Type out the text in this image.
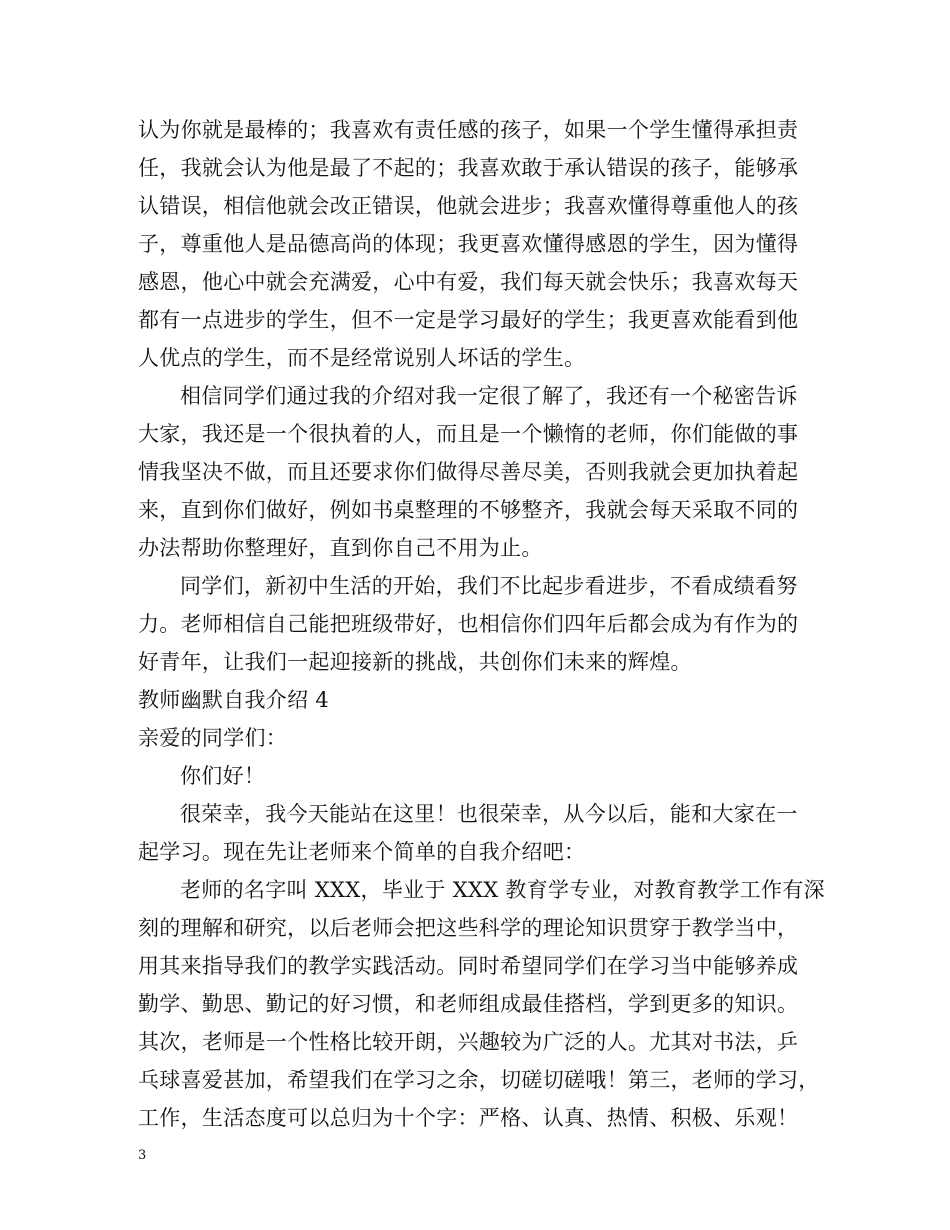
认为你就是最棒的；我喜欢有责任感的孩子，如果一个学生懂得承担责
任，我就会认为他是最了不起的；我喜欢敢于承认错误的孩子，能够承
认错误，相信他就会改正错误，他就会进步；我喜欢懂得尊重他人的孩
子，尊重他人是品德高尚的体现；我更喜欢懂得感恩的学生，因为懂得
感恩，他心中就会充满爱，心中有爱，我们每天就会快乐；我喜欢每天
都有一点进步的学生，但不一定是学习最好的学生；我更喜欢能看到他
人优点的学生，而不是经常说别人坏话的学生。
相信同学们通过我的介绍对我一定很了解了，我还有一个秘密告诉
大家，我还是一个很执着的人，而且是一个懒惰的老师，你们能做的事
情我坚决不做，而且还要求你们做得尽善尽美，否则我就会更加执着起
来，直到你们做好，例如书桌整理的不够整齐，我就会每天采取不同的
办法帮助你整理好，直到你自己不用为止。
同学们，新初中生活的开始，我们不比起步看进步，不看成绩看努
力。老师相信自己能把班级带好，也相信你们四年后都会成为有作为的
好青年，让我们一起迎接新的挑战，共创你们未来的辉煌。
教师幽默自我介绍 4
亲爱的同学们：
你们好！
很荣幸，我今天能站在这里！也很荣幸，从今以后，能和大家在一
起学习。现在先让老师来个简单的自我介绍吧：
老师的名字叫 XXX，毕业于 XXX 教育学专业，对教育教学工作有深
刻的理解和研究，以后老师会把这些科学的理论知识贯穿于教学当中，
用其来指导我们的教学实践活动。同时希望同学们在学习当中能够养成
勤学、勤思、勤记的好习惯，和老师组成最佳搭档，学到更多的知识。
其次，老师是一个性格比较开朗，兴趣较为广泛的人。尤其对书法，乒
乓球喜爱甚加，希望我们在学习之余，切磋切磋哦！第三，老师的学习，
工作，生活态度可以总归为十个字：严格、认真、热情、积极、乐观！
3
